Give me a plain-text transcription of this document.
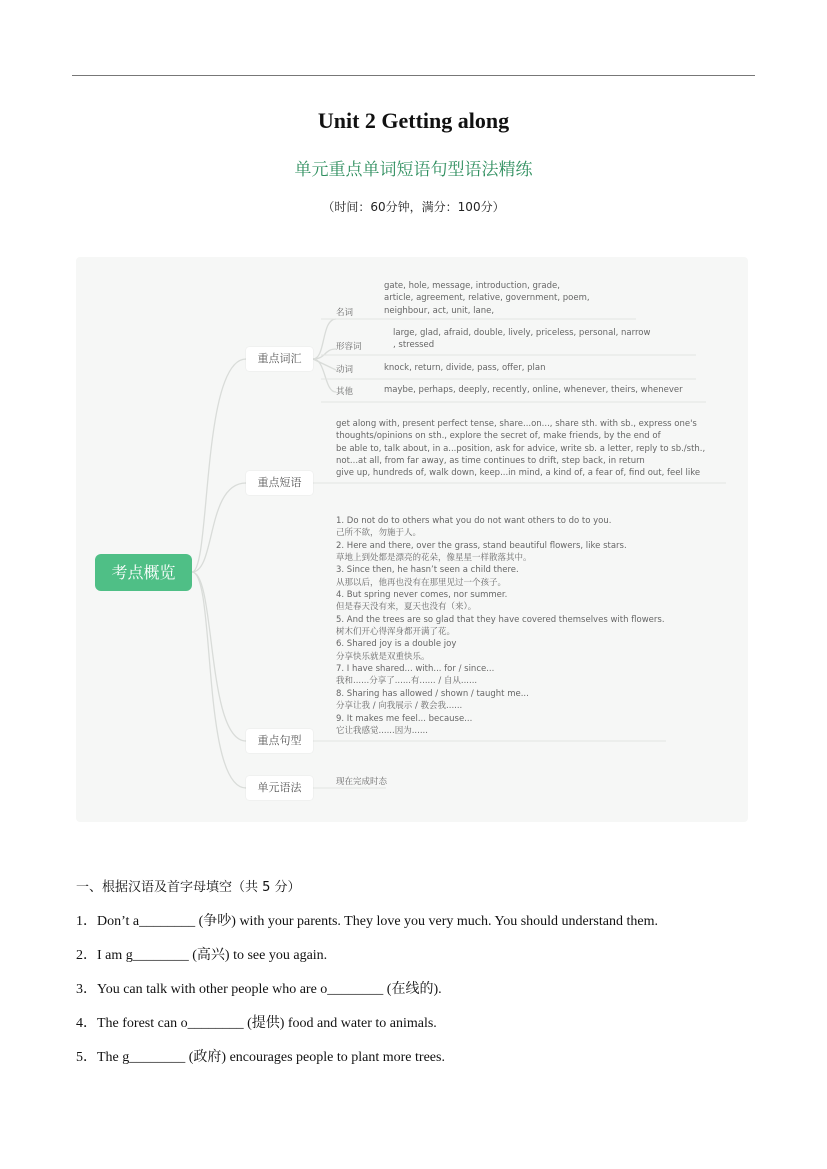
Unit 2 Getting along
单元重点单词短语句型语法精练
（时间：60分钟，满分：100分）
考点概览
重点词汇
重点短语
重点句型
单元语法
名词
gate, hole, message, introduction, grade,
article, agreement, relative, government, poem,
neighbour, act, unit, lane,
形容词
large, glad, afraid, double, lively, priceless, personal, narrow
, stressed
动词	knock, return, divide, pass, offer, plan
其他	maybe, perhaps, deeply, recently, online, whenever, theirs, whenever
get along with, present perfect tense, share...on..., share sth. with sb., express one's
thoughts/opinions on sth., explore the secret of, make friends, by the end of
be able to, talk about, in a...position, ask for advice, write sb. a letter, reply to sb./sth.,
not...at all, from far away, as time continues to drift, step back, in return
give up, hundreds of, walk down, keep...in mind, a kind of, a fear of, find out, feel like
1. Do not do to others what you do not want others to do to you.
己所不欲，勿施于人。
2. Here and there, over the grass, stand beautiful flowers, like stars.
草地上到处都是漂亮的花朵，像星星一样散落其中。
3. Since then, he hasn’t seen a child there.
从那以后，他再也没有在那里见过一个孩子。
4. But spring never comes, nor summer.
但是春天没有来，夏天也没有（来）。
5. And the trees are so glad that they have covered themselves with flowers.
树木们开心得浑身都开满了花。
6. Shared joy is a double joy
分享快乐就是双重快乐。
7. I have shared... with... for / since...
我和......分享了......有...... / 自从......
8. Sharing has allowed / shown / taught me...
分享让我 / 向我展示 / 教会我......
9. It makes me feel... because...
它让我感觉......因为......
现在完成时态
一、根据汉语及首字母填空（共 5 分）
1．Don’t a________ (争吵) with your parents. They love you very much. You should understand them.
2．I am g________ (高兴) to see you again.
3．You can talk with other people who are o________ (在线的).
4．The forest can o________ (提供) food and water to animals.
5．The g________ (政府) encourages people to plant more trees.
